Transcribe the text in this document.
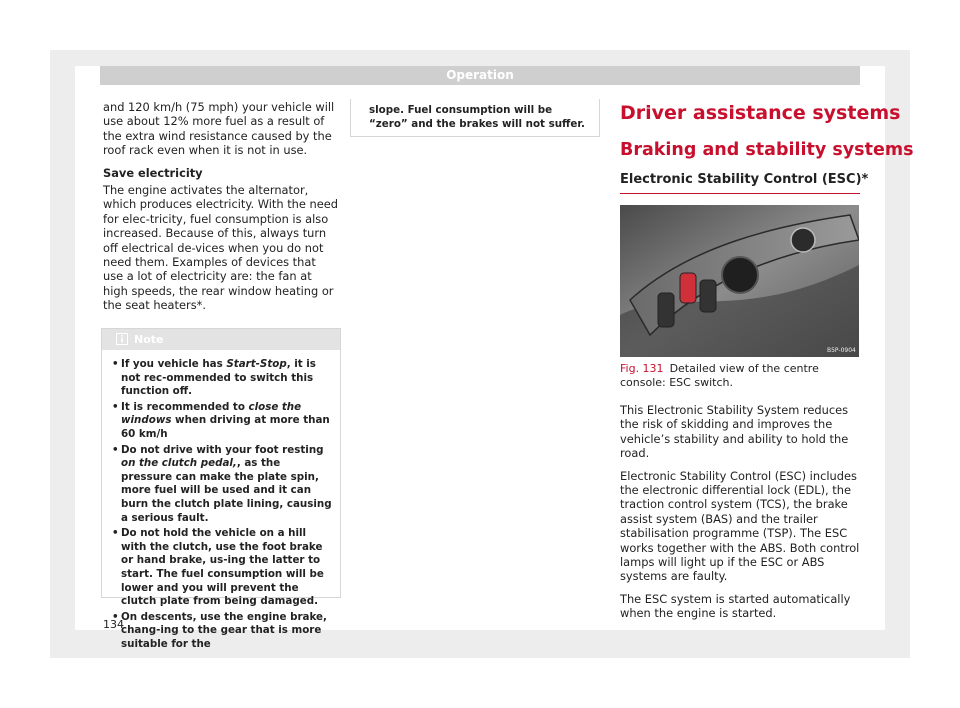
Operation

and 120 km/h (75 mph) your vehicle will use about 12% more fuel as a result of the extra wind resistance caused by the roof rack even when it is not in use.

Save electricity

The engine activates the alternator, which produces electricity. With the need for elec-tricity, fuel consumption is also increased. Because of this, always turn off electrical de-vices when you do not need them. Examples of devices that use a lot of electricity are: the fan at high speeds, the rear window heating or the seat heaters*.

Note
• If you vehicle has Start-Stop, it is not rec-ommended to switch this function off.
• It is recommended to close the windows when driving at more than 60 km/h
• Do not drive with your foot resting on the clutch pedal,, as the pressure can make the plate spin, more fuel will be used and it can burn the clutch plate lining, causing a serious fault.
• Do not hold the vehicle on a hill with the clutch, use the foot brake or hand brake, us-ing the latter to start. The fuel consumption will be lower and you will prevent the clutch plate from being damaged.
• On descents, use the engine brake, chang-ing to the gear that is more suitable for the
slope. Fuel consumption will be “zero” and the brakes will not suffer.	Driver assistance systems
Braking and stability systems
Electronic Stability Control (ESC)*
B5P-0904
Fig. 131 Detailed view of the centre console: ESC switch.

This Electronic Stability System reduces the risk of skidding and improves the vehicle’s stability and ability to hold the road.

Electronic Stability Control (ESC) includes the electronic differential lock (EDL), the traction control system (TCS), the brake assist system (BAS) and the trailer stabilisation programme (TSP). The ESC works together with the ABS. Both control lamps will light up if the ESC or ABS systems are faulty.

The ESC system is started automatically when the engine is started.

134
